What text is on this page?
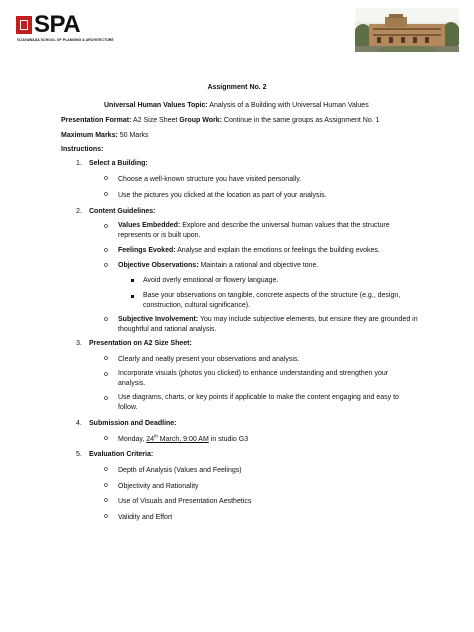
SPA
VIJAYAWADA SCHOOL OF PLANNING & ARCHITECTURE
Assignment No. 2
Universal Human Values Topic: Analysis of a Building with Universal Human Values
Presentation Format: A2 Size Sheet Group Work: Continue in the same groups as Assignment No. 1
Maximum Marks: 50 Marks
Instructions:
1. Select a Building:
o Choose a well-known structure you have visited personally.
o Use the pictures you clicked at the location as part of your analysis.
2. Content Guidelines:
o Values Embedded: Explore and describe the universal human values that the structure represents or is built upon.
o Feelings Evoked: Analyse and explain the emotions or feelings the building evokes.
o Objective Observations: Maintain a rational and objective tone.
Avoid overly emotional or flowery language.
Base your observations on tangible, concrete aspects of the structure (e.g., design, construction, cultural significance).
o Subjective Involvement: You may include subjective elements, but ensure they are grounded in thoughtful and rational analysis.
3. Presentation on A2 Size Sheet:
o Clearly and neatly present your observations and analysis.
o Incorporate visuals (photos you clicked) to enhance understanding and strengthen your analysis.
o Use diagrams, charts, or key points if applicable to make the content engaging and easy to follow.
4. Submission and Deadline:
o Monday, 24th March, 9:00 AM in studio G3
5. Evaluation Criteria:
o Depth of Analysis (Values and Feelings)
o Objectivity and Rationality
o Use of Visuals and Presentation Aesthetics
o Validity and Effort
